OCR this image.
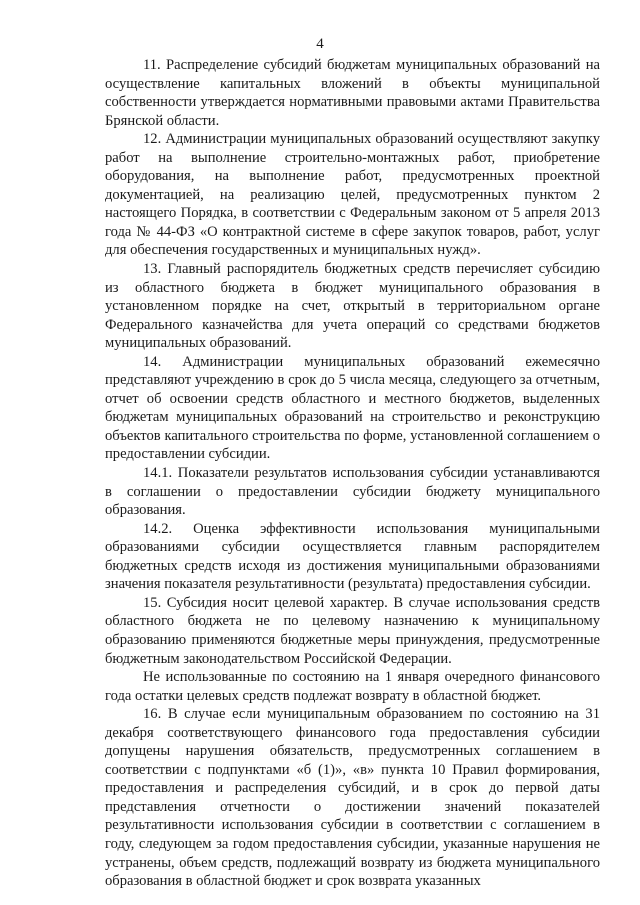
4

11. Распределение субсидий бюджетам муниципальных образований на осуществление капитальных вложений в объекты муниципальной собственности утверждается нормативными правовыми актами Правительства Брянской области.

12. Администрации муниципальных образований осуществляют закупку работ на выполнение строительно-монтажных работ, приобретение оборудования, на выполнение работ, предусмотренных проектной документацией, на реализацию целей, предусмотренных пунктом 2 настоящего Порядка, в соответствии с Федеральным законом от 5 апреля 2013 года № 44-ФЗ «О контрактной системе в сфере закупок товаров, работ, услуг для обеспечения государственных и муниципальных нужд».

13. Главный распорядитель бюджетных средств перечисляет субсидию из областного бюджета в бюджет муниципального образования в установленном порядке на счет, открытый в территориальном органе Федерального казначейства для учета операций со средствами бюджетов муниципальных образований.

14. Администрации муниципальных образований ежемесячно представляют учреждению в срок до 5 числа месяца, следующего за отчетным, отчет об освоении средств областного и местного бюджетов, выделенных бюджетам муниципальных образований на строительство и реконструкцию объектов капитального строительства по форме, установленной соглашением о предоставлении субсидии.

14.1. Показатели результатов использования субсидии устанавливаются в соглашении о предоставлении субсидии бюджету муниципального образования.

14.2. Оценка эффективности использования муниципальными образованиями субсидии осуществляется главным распорядителем бюджетных средств исходя из достижения муниципальными образованиями значения показателя результативности (результата) предоставления субсидии.

15. Субсидия носит целевой характер. В случае использования средств областного бюджета не по целевому назначению к муниципальному образованию применяются бюджетные меры принуждения, предусмотренные бюджетным законодательством Российской Федерации.

Не использованные по состоянию на 1 января очередного финансового года остатки целевых средств подлежат возврату в областной бюджет.

16. В случае если муниципальным образованием по состоянию на 31 декабря соответствующего финансового года предоставления субсидии допущены нарушения обязательств, предусмотренных соглашением в соответствии с подпунктами «б (1)», «в» пункта 10 Правил формирования, предоставления и распределения субсидий, и в срок до первой даты представления отчетности о достижении значений показателей результативности использования субсидии в соответствии с соглашением в году, следующем за годом предоставления субсидии, указанные нарушения не устранены, объем средств, подлежащий возврату из бюджета муниципального образования в областной бюджет и срок возврата указанных
